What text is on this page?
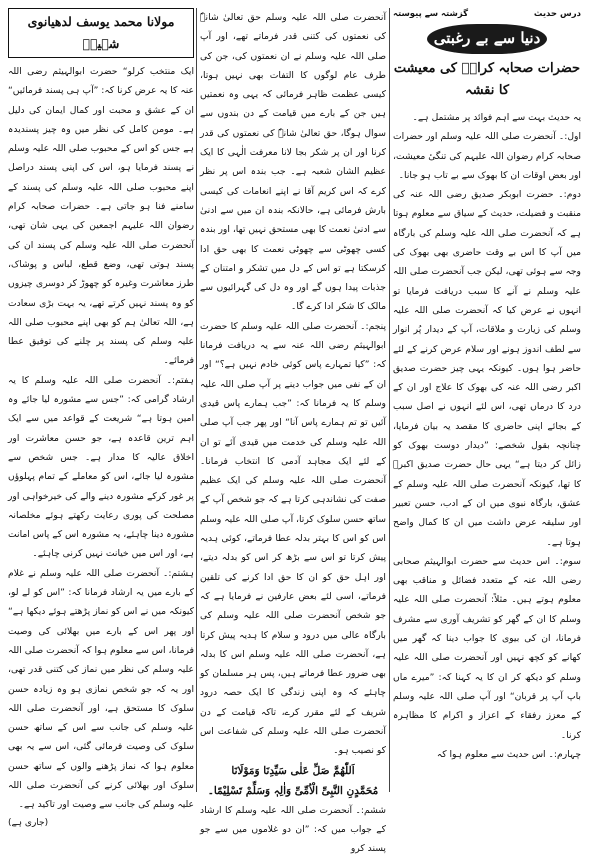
درس حدیث
گزشتہ سے پیوستہ
دنیا سے بے رغبتی
حضرات صحابہ کرامؓ کی معیشت کا نقشہ

یہ حدیث بہت سے اہم فوائد پر مشتمل ہے۔

اول:۔ آنحضرت صلی اللہ علیہ وسلم اور حضرات صحابہ کرام رضوان اللہ علیہم کی تنگیٔ معیشت، اور بعض اوقات ان کا بھوک سے بے تاب ہو جانا۔

دوم:۔ حضرت ابوبکر صدیق رضی اللہ عنہ کی منقبت و فضیلت، حدیث کے سیاق سے معلوم ہوتا ہے کہ آنحضرت صلی اللہ علیہ وسلم کی بارگاہ میں آپ کا اس بے وقت حاضری بھی بھوک کی وجہ سے ہوئی تھی، لیکن جب آنحضرت صلی اللہ علیہ وسلم نے آنے کا سبب دریافت فرمایا تو انہوں نے عرض کیا کہ آنحضرت صلی اللہ علیہ وسلم کی زیارت و ملاقات، آپ کے دیدار پُر انوار سے لطف اندوز ہونے اور سلام عرض کرنے کے لئے حاضر ہوا ہوں۔ کیونکہ یہی چیز حضرت صدیق اکبر رضی اللہ عنہ کی بھوک کا علاج اور ان کے درد کا درماں تھی، اس لئے انہوں نے اصل سبب کے بجائے اپنی حاضری کا مقصد یہ بیان فرمایا، چنانچہ بقول شخصے: ”دیدار دوست بھوک کو زائل کر دیتا ہے“ یہی حال حضرت صدیق اکبرؓ کا تھا، کیونکہ آنحضرت صلی اللہ علیہ وسلم کے عشق، بارگاہ نبوی میں ان کے ادب، حسن تعبیر اور سلیقہ عرض داشت میں ان کا کمال واضح ہوتا ہے۔

سوم:۔ اس حدیث سے حضرت ابوالہیثم صحابی رضی اللہ عنہ کے متعدد فضائل و مناقب بھی معلوم ہوتے ہیں۔ مثلاً: آنحضرت صلی اللہ علیہ وسلم کا ان کے گھر کو تشریف آوری سے مشرف فرمانا، ان کی بیوی کا جواب دینا کہ گھر میں کھانے کو کچھ نہیں اور آنحضرت صلی اللہ علیہ وسلم کو دیکھ کر ان کا یہ کہنا کہ: ”میرے ماں باپ آپ پر قربان“ اور آپ صلی اللہ علیہ وسلم کے معزز رفقاء کے اعزاز و اکرام کا مظاہرہ کرنا۔

چہارم:۔ اس حدیث سے معلوم ہوا کہ

آنحضرت صلی اللہ علیہ وسلم حق تعالیٰ شانہٗ کی نعمتوں کی کتنی قدر فرماتے تھے، اور آپ صلی اللہ علیہ وسلم نے ان نعمتوں کی، جن کی طرف عام لوگوں کا التفات بھی نہیں ہوتا، کیسی عظمت ظاہر فرمائی کہ یہی وہ نعمتیں ہیں جن کے بارے میں قیامت کے دن بندوں سے سوال ہوگا، حق تعالیٰ شانہٗ کی نعمتوں کی قدر کرنا اور ان پر شکر بجا لانا معرفت الٰہی کا ایک عظیم الشان شعبہ ہے۔ جب بندہ اس پر نظر کرے کہ اس کریم آقا نے اپنے انعامات کی کیسی بارش فرمائی ہے، حالانکہ بندہ ان میں سے ادنیٰ سے ادنیٰ نعمت کا بھی مستحق نہیں تھا، اور بندہ کسی چھوٹی سے چھوٹی نعمت کا بھی حق ادا کرسکتا ہے تو اس کے دل میں تشکر و امتنان کے جذبات پیدا ہوں گے اور وہ دل کی گہرائیوں سے مالک کا شکر ادا کرے گا۔

پنجم:۔ آنحضرت صلی اللہ علیہ وسلم کا حضرت ابوالہیثم رضی اللہ عنہ سے یہ دریافت فرمانا کہ: ”کیا تمہارے پاس کوئی خادم نہیں ہے؟“ اور ان کے نفی میں جواب دینے پر آپ صلی اللہ علیہ وسلم کا یہ فرمانا کہ: ”جب ہمارے پاس قیدی آئیں تو تم ہمارے پاس آنا“ اور پھر جب آپ صلی اللہ علیہ وسلم کی خدمت میں قیدی آئے تو ان کے لئے ایک مجاہد آدمی کا انتخاب فرمانا۔ آنحضرت صلی اللہ علیہ وسلم کی ایک عظیم صفت کی نشاندہی کرتا ہے کہ جو شخص آپ کے ساتھ حسن سلوک کرتا، آپ صلی اللہ علیہ وسلم اس کو اس کا بہتر بدلہ عطا فرماتے، کوئی ہدیہ پیش کرتا تو اس سے بڑھ کر اس کو بدلہ دیتے، اور اہل حق کو ان کا حق ادا کرنے کی تلقین فرماتے، اسی لئے بعض عارفین نے فرمایا ہے کہ جو شخص آنحضرت صلی اللہ علیہ وسلم کی بارگاہ عالی میں درود و سلام کا ہدیہ پیش کرتا ہے، آنحضرت صلی اللہ علیہ وسلم اس کا بدلہ بھی ضرور عطا فرماتے ہیں، پس ہر مسلمان کو چاہئے کہ وہ اپنی زندگی کا ایک حصہ درود شریف کے لئے مقرر کرے، تاکہ قیامت کے دن آنحضرت صلی اللہ علیہ وسلم کی شفاعت اس کو نصیب ہو۔

اَللّٰھُمَّ صَلِّ عَلٰی سَیِّدِنَا وَمَوْلَانَا
مُحَمَّدٍنِ النَّبِیِّ الْاُمِّیِّ وَاٰلِہٖ وَسَلِّمْ تَسْلِیْمًا۔

ششم:۔ آنحضرت صلی اللہ علیہ وسلم کا ارشاد کے جواب میں کہ: ”ان دو غلاموں میں سے جو پسند کرو

مولانا محمد یوسف لدھیانوی شہیدؒ

ایک منتخب کرلو“ حضرت ابوالہیثم رضی اللہ عنہ کا یہ عرض کرنا کہ: ”آپ ہی پسند فرمائیں“ ان کے عشق و محبت اور کمال ایمان کی دلیل ہے۔ مومن کامل کی نظر میں وہ چیز پسندیدہ ہے جس کو اس کے محبوب صلی اللہ علیہ وسلم نے پسند فرمایا ہو، اس کی اپنی پسند دراصل اپنے محبوب صلی اللہ علیہ وسلم کی پسند کے سامنے فنا ہو جاتی ہے۔ حضرات صحابہ کرام رضوان اللہ علیہم اجمعین کی یہی شان تھی، آنحضرت صلی اللہ علیہ وسلم کی پسند ان کی پسند ہوتی تھی، وضع قطع، لباس و پوشاک، طرز معاشرت وغیرہ کو چھوڑ کر دوسری چیزوں کو وہ پسند نہیں کرتے تھے، یہ بہت بڑی سعادت ہے، اللہ تعالیٰ ہم کو بھی اپنے محبوب صلی اللہ علیہ وسلم کی پسند پر چلنے کی توفیق عطا فرمائے۔

ہفتم:۔ آنحضرت صلی اللہ علیہ وسلم کا یہ ارشاد گرامی کہ: ”جس سے مشورہ لیا جائے وہ امین ہوتا ہے“ شریعت کے قواعد میں سے ایک اہم ترین قاعدہ ہے، جو حسن معاشرت اور اخلاق عالیہ کا مدار ہے۔ جس شخص سے مشورہ لیا جائے، اس کو معاملے کے تمام پہلوؤں پر غور کرکے مشورہ دینے والے کی خیرخواہی اور مصلحت کی پوری رعایت رکھتے ہوئے مخلصانہ مشورہ دینا چاہئے، یہ مشورہ اس کے پاس امانت ہے، اور اس میں خیانت نہیں کرنی چاہئے۔

ہشتم:۔ آنحضرت صلی اللہ علیہ وسلم نے غلام کے بارے میں یہ ارشاد فرمانا کہ: ”اس کو لے لو، کیونکہ میں نے اس کو نماز پڑھتے ہوئے دیکھا ہے“ اور پھر اس کے بارے میں بھلائی کی وصیت فرمانا، اس سے معلوم ہوا کہ آنحضرت صلی اللہ علیہ وسلم کی نظر میں نماز کی کتنی قدر تھی، اور یہ کہ جو شخص نمازی ہو وہ زیادہ حسن سلوک کا مستحق ہے، اور آنحضرت صلی اللہ علیہ وسلم کی جانب سے اس کے ساتھ حسن سلوک کی وصیت فرمائی گئی، اس سے یہ بھی معلوم ہوا کہ نماز پڑھنے والوں کے ساتھ حسن سلوک اور بھلائی کرنے کی آنحضرت صلی اللہ علیہ وسلم کی جانب سے وصیت اور تاکید ہے۔

(جاری ہے)
